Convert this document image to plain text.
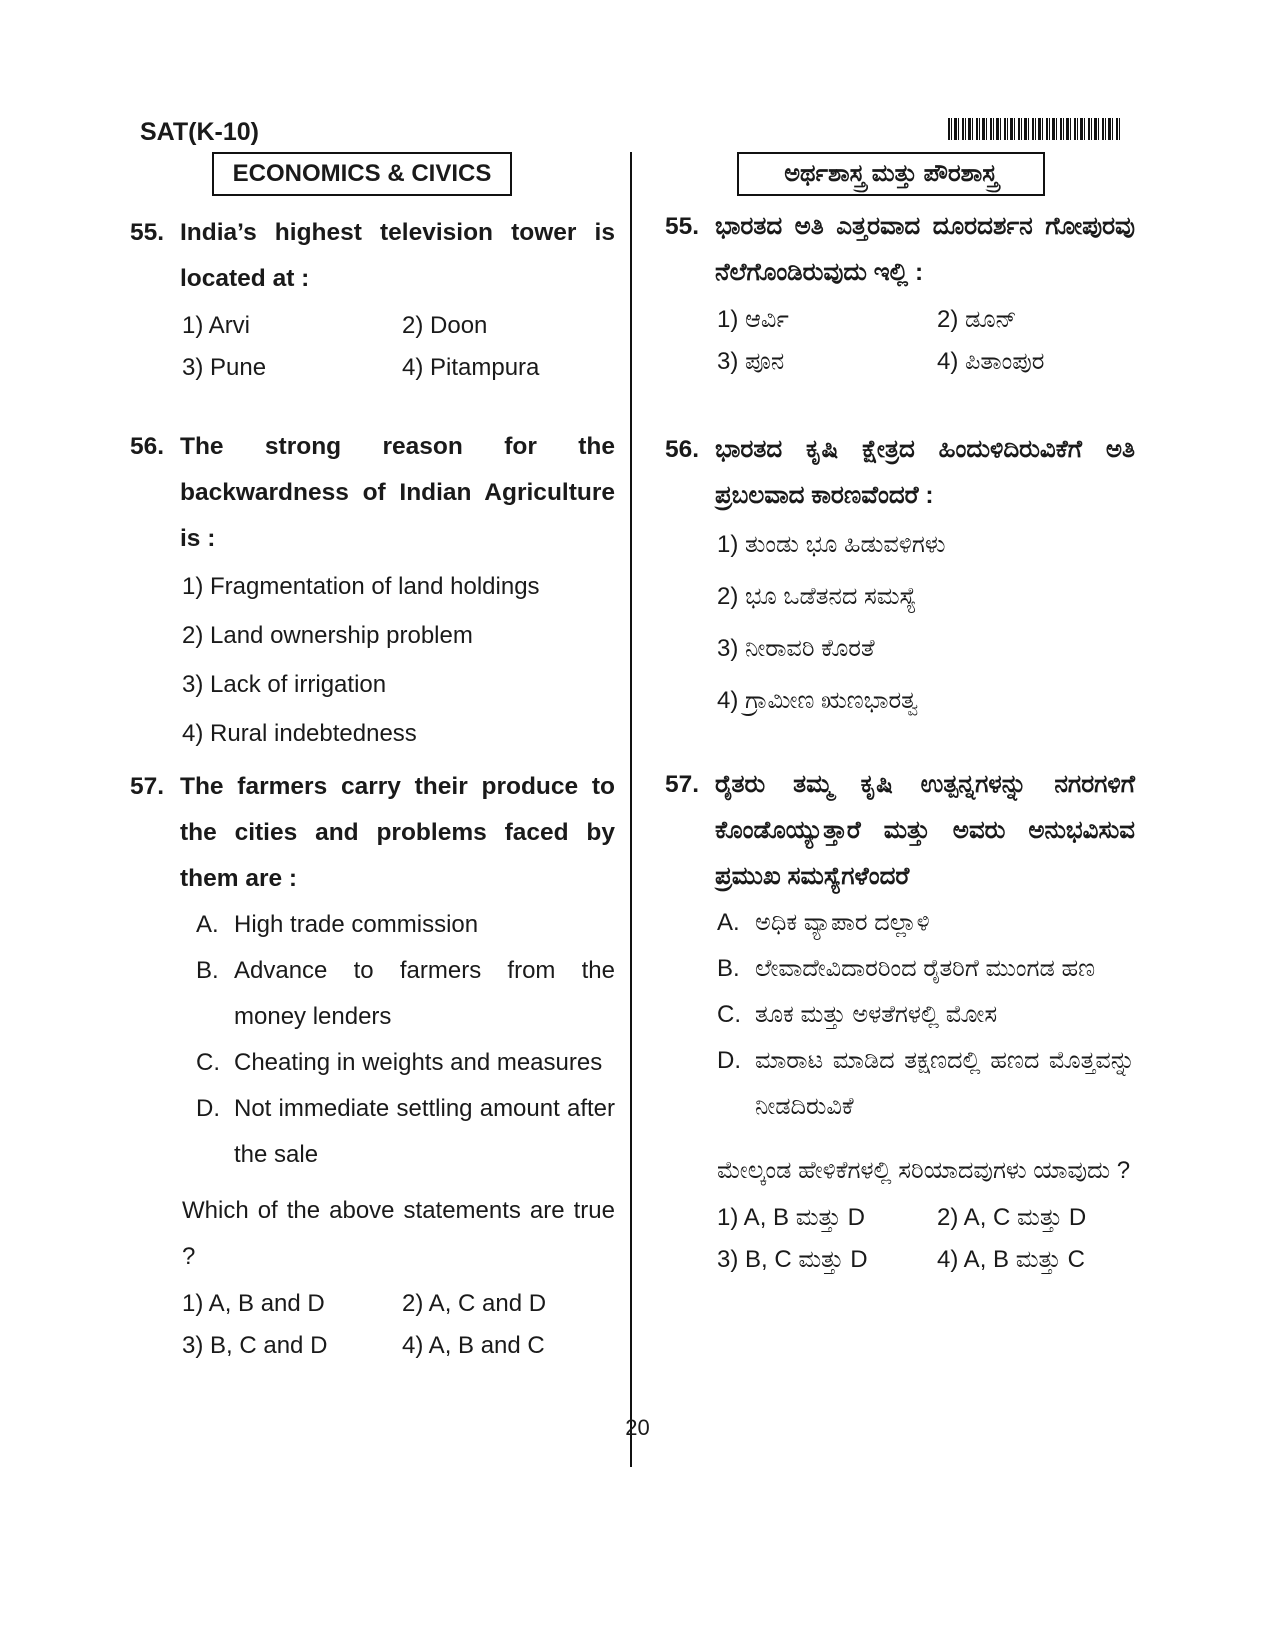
SAT(K-10)
ECONOMICS & CIVICS
55. India’s highest television tower is located at :
1) Arvi	2) Doon
3) Pune	4) Pitampura
56. The strong reason for the backwardness of Indian Agriculture is :
1) Fragmentation of land holdings
2) Land ownership problem
3) Lack of irrigation
4) Rural indebtedness
57. The farmers carry their produce to the cities and problems faced by them are :
A. High trade commission
B. Advance to farmers from the money lenders
C. Cheating in weights and measures
D. Not immediate settling amount after the sale
Which of the above statements are true ?
1) A, B and D	2) A, C and D
3) B, C and D	4) A, B and C
ಅರ್ಥಶಾಸ್ತ್ರ ಮತ್ತು ಪೌರಶಾಸ್ತ್ರ
55. ಭಾರತದ ಅತಿ ಎತ್ತರವಾದ ದೂರದರ್ಶನ ಗೋಪುರವು ನೆಲೆಗೊಂಡಿರುವುದು ಇಲ್ಲಿ :
1) ಆರ್ವಿ	2) ಡೂನ್
3) ಪೂನ	4) ಪಿತಾಂಪುರ
56. ಭಾರತದ ಕೃಷಿ ಕ್ಷೇತ್ರದ ಹಿಂದುಳಿದಿರುವಿಕೆಗೆ ಅತಿ ಪ್ರಬಲವಾದ ಕಾರಣವೆಂದರೆ :
1) ತುಂಡು ಭೂ ಹಿಡುವಳಿಗಳು
2) ಭೂ ಒಡೆತನದ ಸಮಸ್ಯೆ
3) ನೀರಾವರಿ ಕೊರತೆ
4) ಗ್ರಾಮೀಣ ಋಣಭಾರತ್ವ
57. ರೈತರು ತಮ್ಮ ಕೃಷಿ ಉತ್ಪನ್ನಗಳನ್ನು ನಗರಗಳಿಗೆ ಕೊಂಡೊಯ್ಯುತ್ತಾರೆ ಮತ್ತು ಅವರು ಅನುಭವಿಸುವ ಪ್ರಮುಖ ಸಮಸ್ಯೆಗಳೆಂದರೆ
A. ಅಧಿಕ ವ್ಯಾಪಾರ ದಲ್ಲಾಳಿ
B. ಲೇವಾದೇವಿದಾರರಿಂದ ರೈತರಿಗೆ ಮುಂಗಡ ಹಣ
C. ತೂಕ ಮತ್ತು ಅಳತೆಗಳಲ್ಲಿ ಮೋಸ
D. ಮಾರಾಟ ಮಾಡಿದ ತಕ್ಷಣದಲ್ಲಿ ಹಣದ ಮೊತ್ತವನ್ನು ನೀಡದಿರುವಿಕೆ
ಮೇಲ್ಕಂಡ ಹೇಳಿಕೆಗಳಲ್ಲಿ ಸರಿಯಾದವುಗಳು ಯಾವುದು ?
1) A, B ಮತ್ತು D	2) A, C ಮತ್ತು D
3) B, C ಮತ್ತು D	4) A, B ಮತ್ತು C
20
